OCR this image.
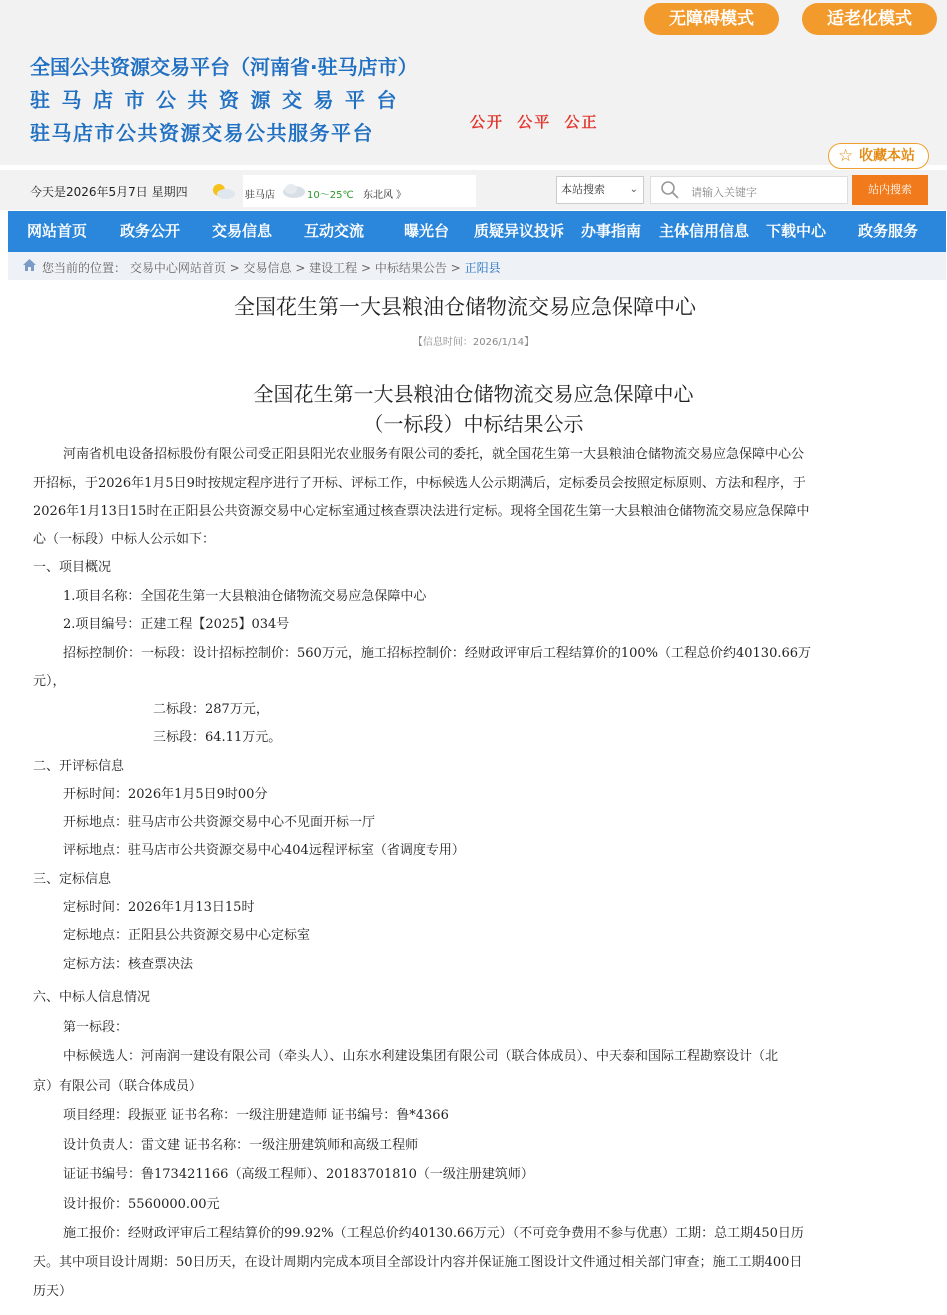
无障碍模式	适老化模式
全国公共资源交易平台（河南省·驻马店市）
驻马店市公共资源交易平台
驻马店市公共资源交易公共服务平台	公开 公平 公正
☆ 收藏本站
今天是2026年5月7日 星期四	驻马店	10～25℃ 东北风 》	本站搜索 ⌄	请输入关键字	站内搜索
网站首页 政务公开 交易信息 互动交流	曝光台 质疑异议投诉 办事指南 主体信用信息 下载中心 政务服务
您当前的位置： 交易中心网站首页 > 交易信息 > 建设工程 > 中标结果公告 > 正阳县
全国花生第一大县粮油仓储物流交易应急保障中心
【信息时间：2026/1/14】
全国花生第一大县粮油仓储物流交易应急保障中心
（一标段）中标结果公示
河南省机电设备招标股份有限公司受正阳县阳光农业服务有限公司的委托，就全国花生第一大县粮油仓储物流交易应急保障中心公
开招标，于2026年1月5日9时按规定程序进行了开标、评标工作，中标候选人公示期满后，定标委员会按照定标原则、方法和程序，于
2026年1月13日15时在正阳县公共资源交易中心定标室通过核查票决法进行定标。现将全国花生第一大县粮油仓储物流交易应急保障中
心（一标段）中标人公示如下：
一、项目概况
1.项目名称：全国花生第一大县粮油仓储物流交易应急保障中心
2.项目编号：正建工程【2025】034号
招标控制价：一标段：设计招标控制价：560万元，施工招标控制价：经财政评审后工程结算价的100%（工程总价约40130.66万
元），
二标段：287万元，
三标段：64.11万元。
二、开评标信息
开标时间：2026年1月5日9时00分
开标地点：驻马店市公共资源交易中心不见面开标一厅
评标地点：驻马店市公共资源交易中心404远程评标室（省调度专用）
三、定标信息
定标时间：2026年1月13日15时
定标地点：正阳县公共资源交易中心定标室
定标方法：核查票决法
六、中标人信息情况
第一标段：
中标候选人：河南润一建设有限公司（牵头人）、山东水利建设集团有限公司（联合体成员）、中天泰和国际工程勘察设计（北
京）有限公司（联合体成员）
项目经理：段振亚 证书名称：一级注册建造师 证书编号：鲁*4366
设计负责人：雷文建 证书名称：一级注册建筑师和高级工程师
证证书编号：鲁173421166（高级工程师）、20183701810（一级注册建筑师）
设计报价：5560000.00元
施工报价：经财政评审后工程结算价的99.92%（工程总价约40130.66万元）（不可竞争费用不参与优惠）工期：总工期450日历
天。其中项目设计周期：50日历天，在设计周期内完成本项目全部设计内容并保证施工图设计文件通过相关部门审查；施工工期400日
历天）
